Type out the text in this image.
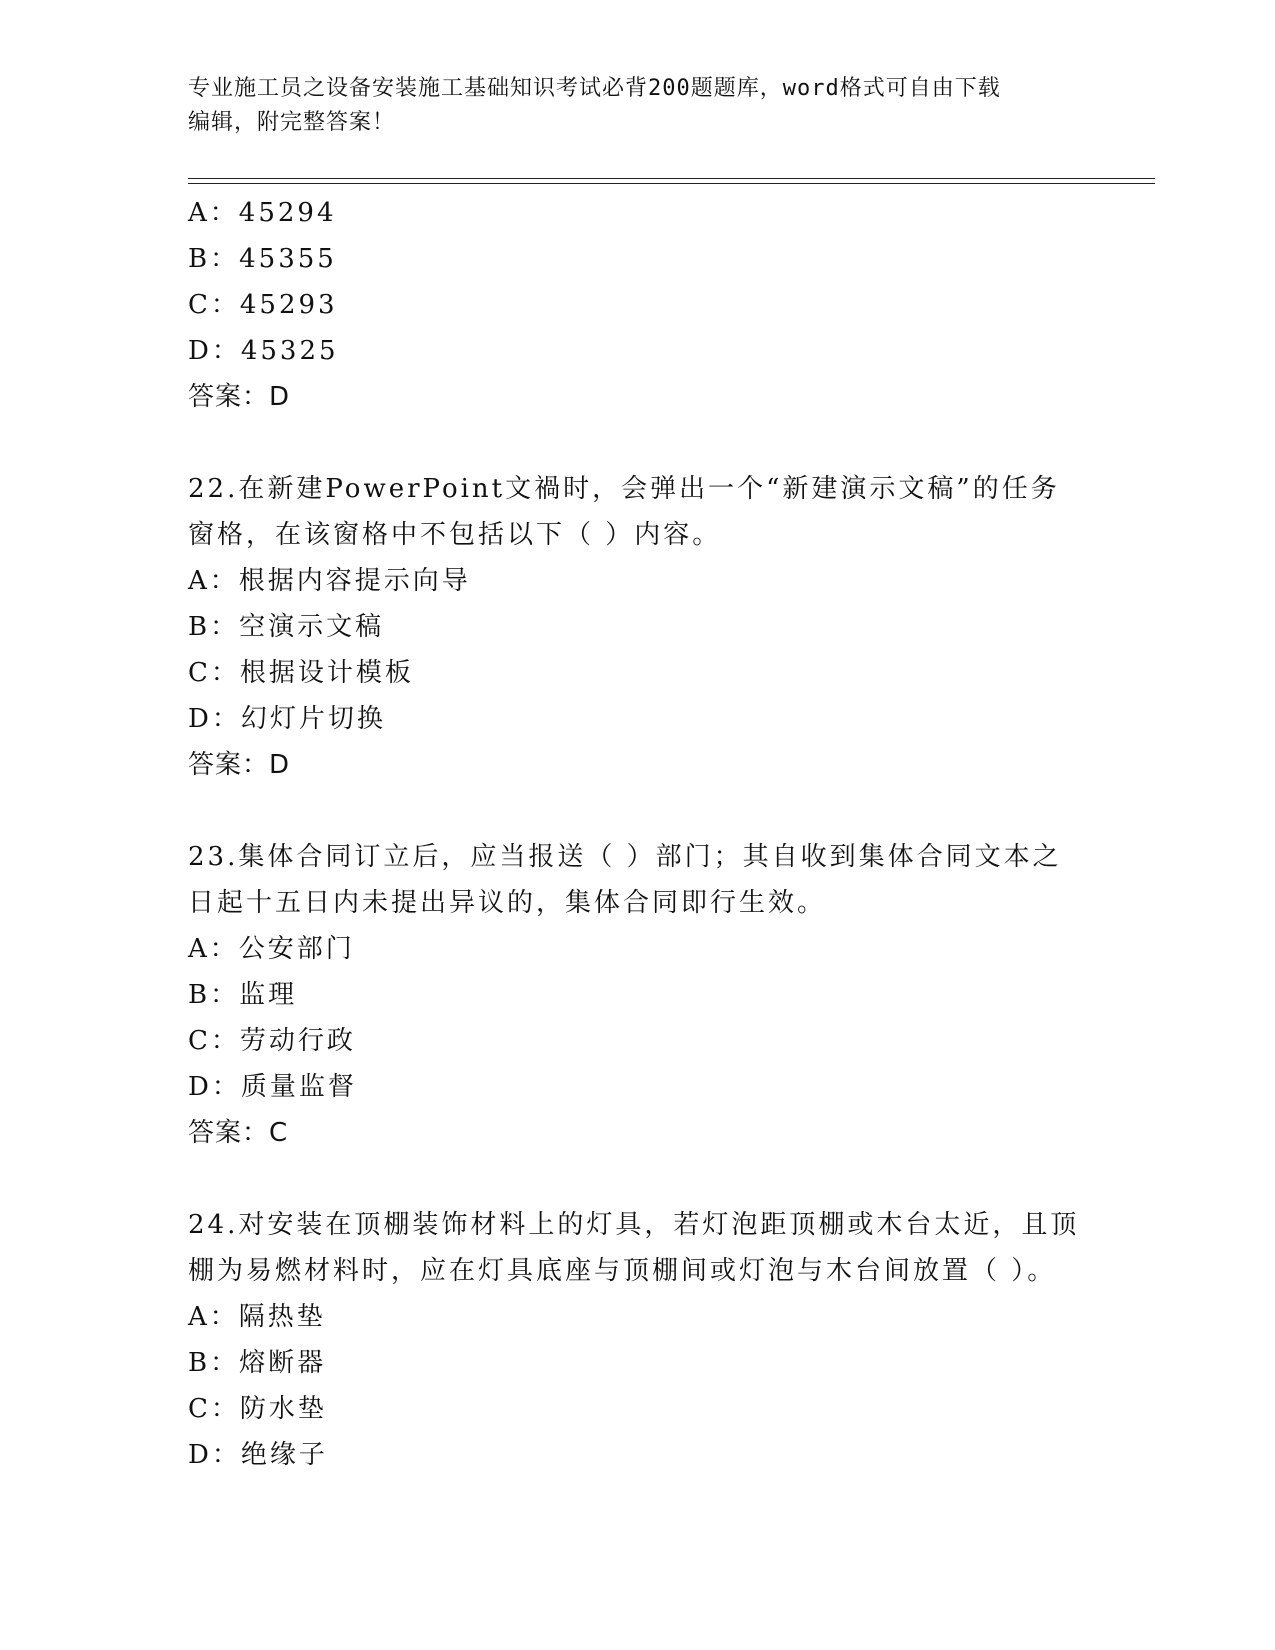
专业施工员之设备安装施工基础知识考试必背200题题库，word格式可自由下载
编辑，附完整答案！
A：45294
B：45355
C：45293
D：45325
答案：D
22.在新建PowerPoint文禍时，会弹出一个“新建演示文稿”的任务
窗格，在该窗格中不包括以下（ ）内容。
A：根据内容提示向导
B：空演示文稿
C：根据设计模板
D：幻灯片切换
答案：D
23.集体合同订立后，应当报送（ ）部门；其自收到集体合同文本之
日起十五日内未提出异议的，集体合同即行生效。
A：公安部门
B：监理
C：劳动行政
D：质量监督
答案：C
24.对安装在顶棚装饰材料上的灯具，若灯泡距顶棚或木台太近，且顶
棚为易燃材料时，应在灯具底座与顶棚间或灯泡与木台间放置（ ）。
A：隔热垫
B：熔断器
C：防水垫
D：绝缘子
